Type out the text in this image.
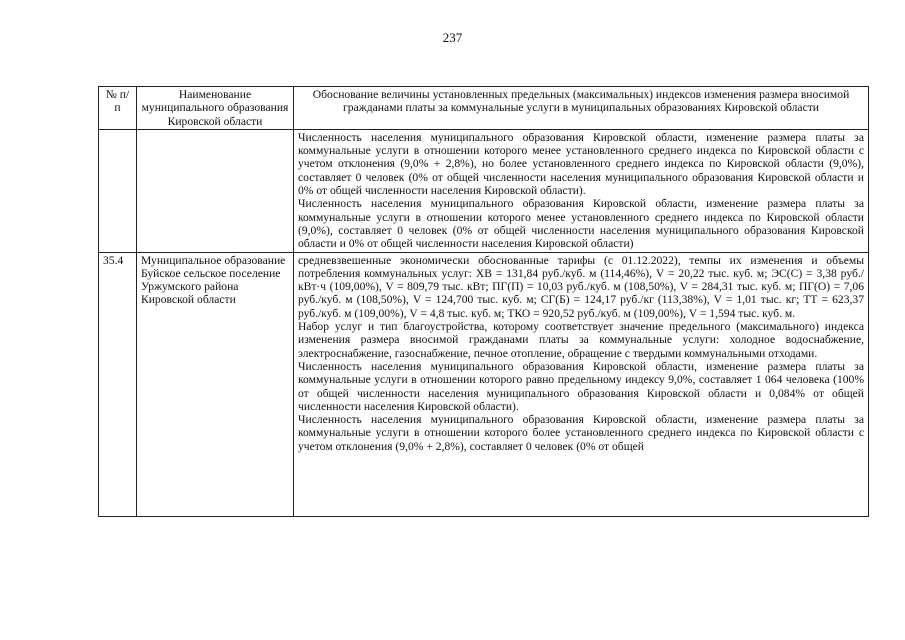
237
№ п/п	Наименование муниципального образования Кировской области	Обоснование величины установленных предельных (максимальных) индексов изменения размера вносимой гражданами платы за коммунальные услуги в муниципальных образованиях Кировской области

		Численность населения муниципального образования Кировской области, изменение размера платы за коммунальные услуги в отношении которого менее установленного среднего индекса по Кировской области с учетом отклонения (9,0% + 2,8%), но более установленного среднего индекса по Кировской области (9,0%), составляет 0 человек (0% от общей численности населения муниципального образования Кировской области и 0% от общей численности населения Кировской области).

Численность населения муниципального образования Кировской области, изменение размера платы за коммунальные услуги в отношении которого менее установленного среднего индекса по Кировской области (9,0%), составляет 0 человек (0% от общей численности населения муниципального образования Кировской области и 0% от общей численности населения Кировской области)

35.4	Муниципальное образование Буйское сельское поселение Уржумского района Кировской области	средневзвешенные экономически обоснованные тарифы (с 01.12.2022), темпы их изменения и объемы потребления коммунальных услуг: ХВ = 131,84 руб./куб. м (114,46%), V = 20,22 тыс. куб. м; ЭС(С) = 3,38 руб./кВт·ч (109,00%), V = 809,79 тыс. кВт; ПГ(П) = 10,03 руб./куб. м (108,50%), V = 284,31 тыс. куб. м; ПГ(О) = 7,06 руб./куб. м (108,50%), V = 124,700 тыс. куб. м; СГ(Б) = 124,17 руб./кг (113,38%), V = 1,01 тыс. кг; ТТ = 623,37 руб./куб. м (109,00%), V = 4,8 тыс. куб. м; ТКО = 920,52 руб./куб. м (109,00%), V = 1,594 тыс. куб. м.

Набор услуг и тип благоустройства, которому соответствует значение предельного (максимального) индекса изменения размера вносимой гражданами платы за коммунальные услуги: холодное водоснабжение, электроснабжение, газоснабжение, печное отопление, обращение с твердыми коммунальными отходами.

Численность населения муниципального образования Кировской области, изменение размера платы за коммунальные услуги в отношении которого равно предельному индексу 9,0%, составляет 1 064 человека (100% от общей численности населения муниципального образования Кировской области и 0,084% от общей численности населения Кировской области).

Численность населения муниципального образования Кировской области, изменение размера платы за коммунальные услуги в отношении которого более установленного среднего индекса по Кировской области с учетом отклонения (9,0% + 2,8%), составляет 0 человек (0% от общей
